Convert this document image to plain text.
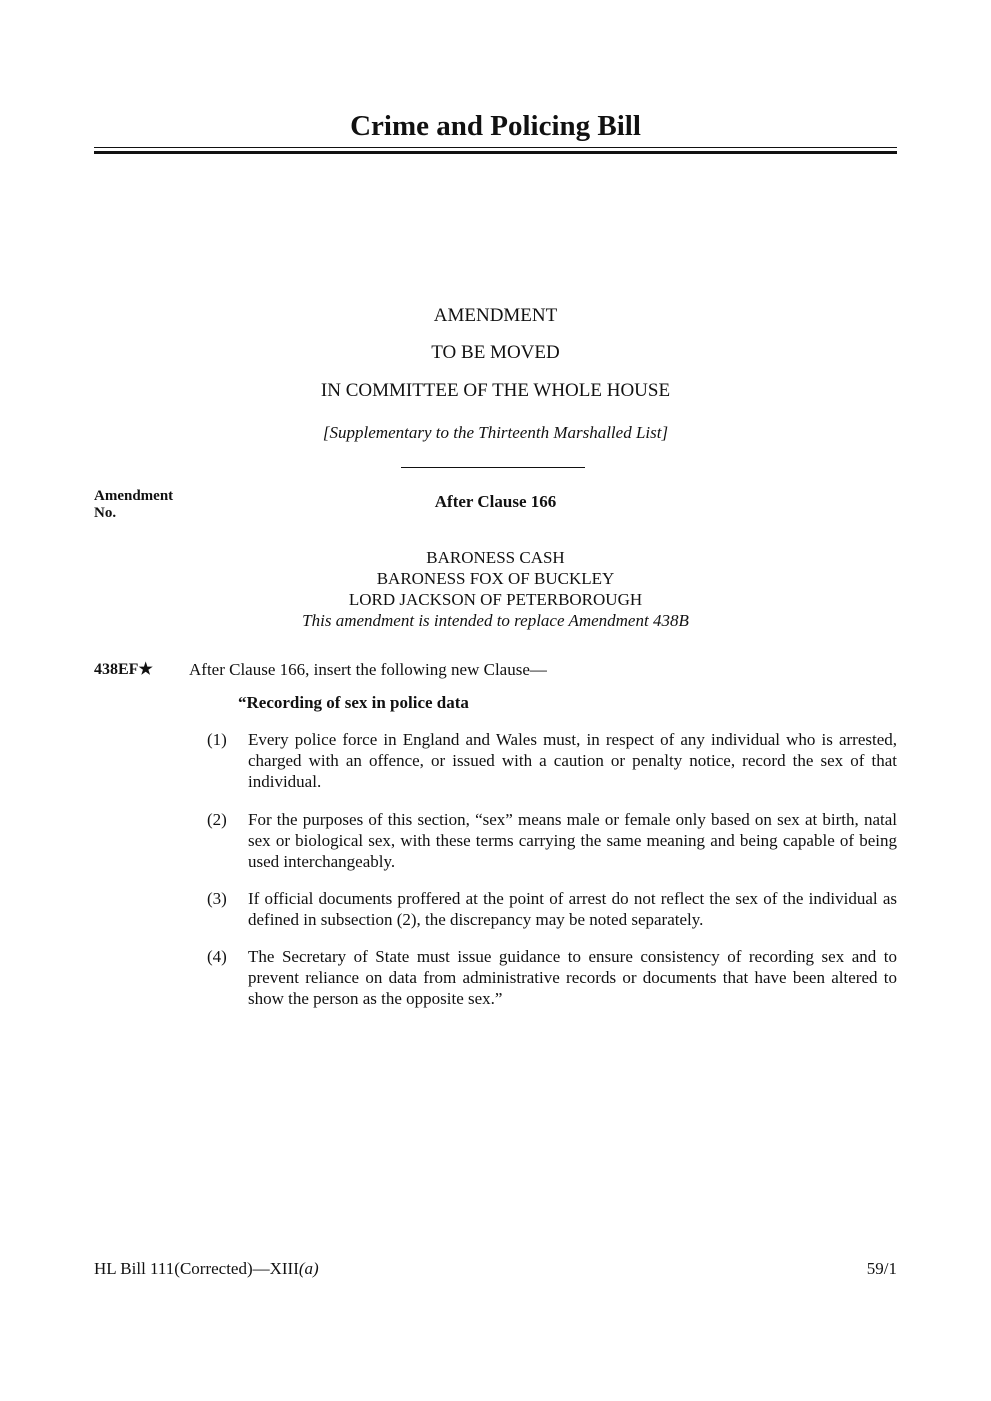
Crime and Policing Bill
AMENDMENT
TO BE MOVED
IN COMMITTEE OF THE WHOLE HOUSE
[Supplementary to the Thirteenth Marshalled List]
Amendment
No.
After Clause 166
BARONESS CASH
BARONESS FOX OF BUCKLEY
LORD JACKSON OF PETERBOROUGH
This amendment is intended to replace Amendment 438B
438EF★ After Clause 166, insert the following new Clause—
“Recording of sex in police data
(1)	Every police force in England and Wales must, in respect of any individual who is arrested, charged with an offence, or issued with a caution or penalty notice, record the sex of that individual.
(2)	For the purposes of this section, “sex” means male or female only based on sex at birth, natal sex or biological sex, with these terms carrying the same meaning and being capable of being used interchangeably.
(3)	If official documents proffered at the point of arrest do not reflect the sex of the individual as defined in subsection (2), the discrepancy may be noted separately.
(4)	The Secretary of State must issue guidance to ensure consistency of recording sex and to prevent reliance on data from administrative records or documents that have been altered to show the person as the opposite sex.”
HL Bill 111(Corrected)—XIII(a)	59/1
